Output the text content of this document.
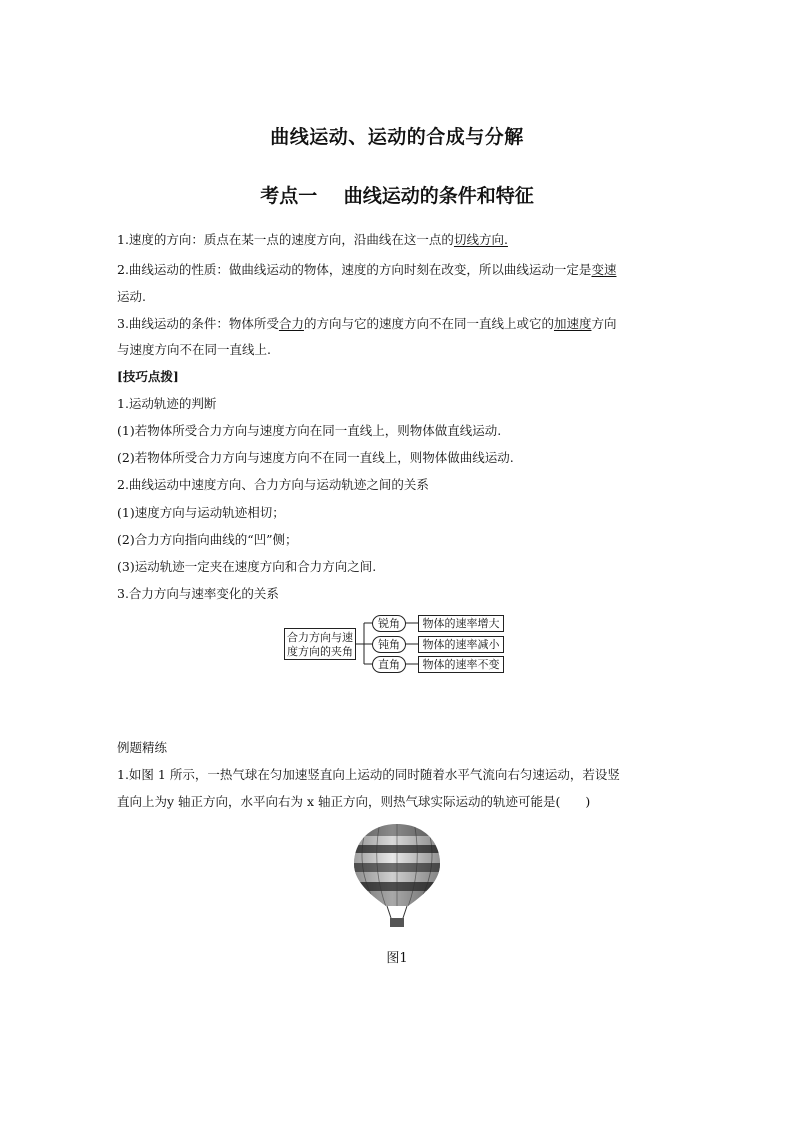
曲线运动、运动的合成与分解
考点一    曲线运动的条件和特征
1.速度的方向：质点在某一点的速度方向，沿曲线在这一点的切线方向.
2.曲线运动的性质：做曲线运动的物体，速度的方向时刻在改变，所以曲线运动一定是变速
运动.
3.曲线运动的条件：物体所受合力的方向与它的速度方向不在同一直线上或它的加速度方向
与速度方向不在同一直线上.
[技巧点拨]
1.运动轨迹的判断
(1)若物体所受合力方向与速度方向在同一直线上，则物体做直线运动.
(2)若物体所受合力方向与速度方向不在同一直线上，则物体做曲线运动.
2.曲线运动中速度方向、合力方向与运动轨迹之间的关系
(1)速度方向与运动轨迹相切；
(2)合力方向指向曲线的“凹”侧；
(3)运动轨迹一定夹在速度方向和合力方向之间.
3.合力方向与速率变化的关系
合力方向与速
度方向的夹角
锐角
钝角
直角
物体的速率增大
物体的速率减小
物体的速率不变
例题精练
1.如图 1 所示，一热气球在匀加速竖直向上运动的同时随着水平气流向右匀速运动，若设竖
直向上为y 轴正方向，水平向右为 x 轴正方向，则热气球实际运动的轨迹可能是(　　)
图1
